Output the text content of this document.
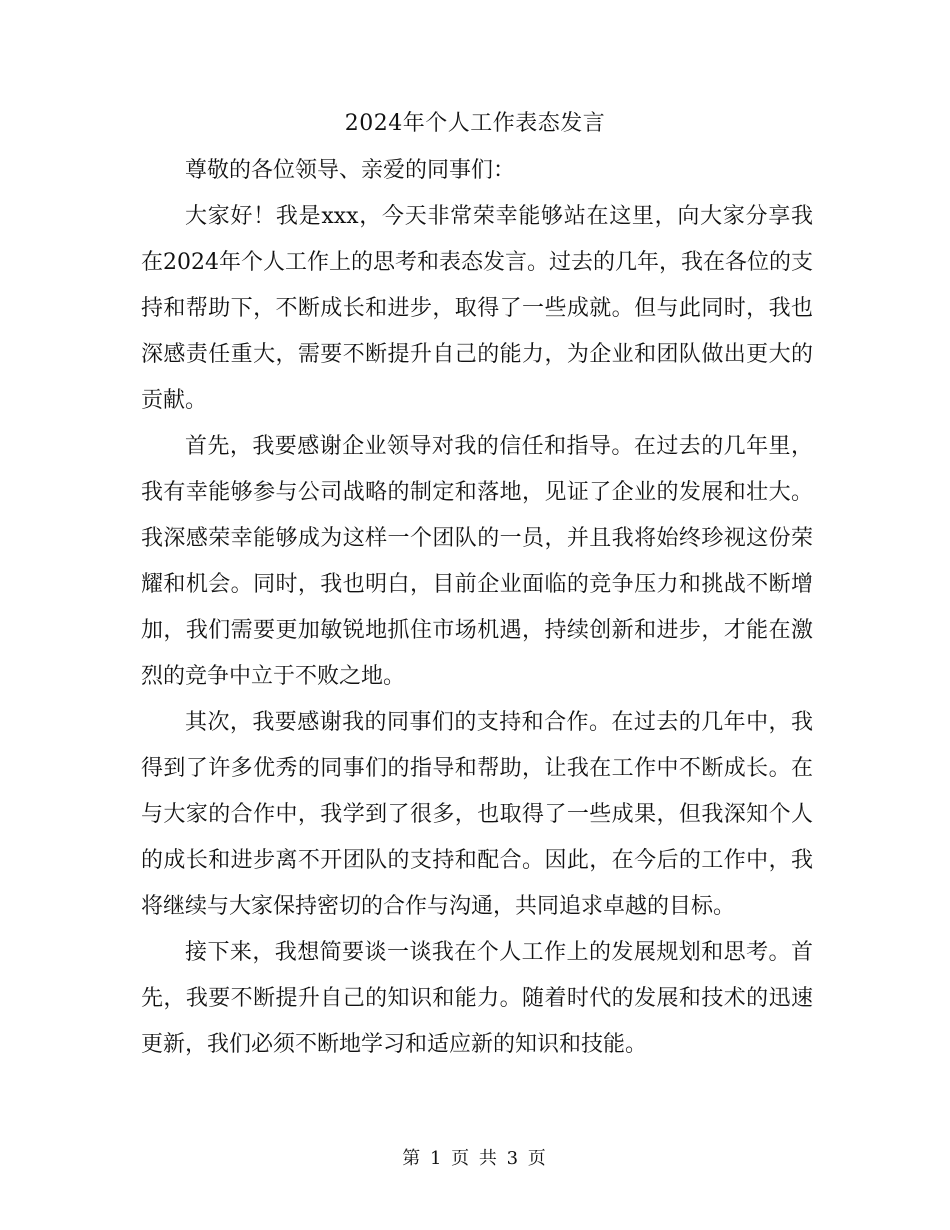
2024年个人工作表态发言

尊敬的各位领导、亲爱的同事们：

大家好！我是xxx，今天非常荣幸能够站在这里，向大家分享我在2024年个人工作上的思考和表态发言。过去的几年，我在各位的支持和帮助下，不断成长和进步，取得了一些成就。但与此同时，我也深感责任重大，需要不断提升自己的能力，为企业和团队做出更大的贡献。

首先，我要感谢企业领导对我的信任和指导。在过去的几年里，我有幸能够参与公司战略的制定和落地，见证了企业的发展和壮大。我深感荣幸能够成为这样一个团队的一员，并且我将始终珍视这份荣耀和机会。同时，我也明白，目前企业面临的竞争压力和挑战不断增加，我们需要更加敏锐地抓住市场机遇，持续创新和进步，才能在激烈的竞争中立于不败之地。

其次，我要感谢我的同事们的支持和合作。在过去的几年中，我得到了许多优秀的同事们的指导和帮助，让我在工作中不断成长。在与大家的合作中，我学到了很多，也取得了一些成果，但我深知个人的成长和进步离不开团队的支持和配合。因此，在今后的工作中，我将继续与大家保持密切的合作与沟通，共同追求卓越的目标。

接下来，我想简要谈一谈我在个人工作上的发展规划和思考。首先，我要不断提升自己的知识和能力。随着时代的发展和技术的迅速更新，我们必须不断地学习和适应新的知识和技能。

第 1 页 共 3 页
